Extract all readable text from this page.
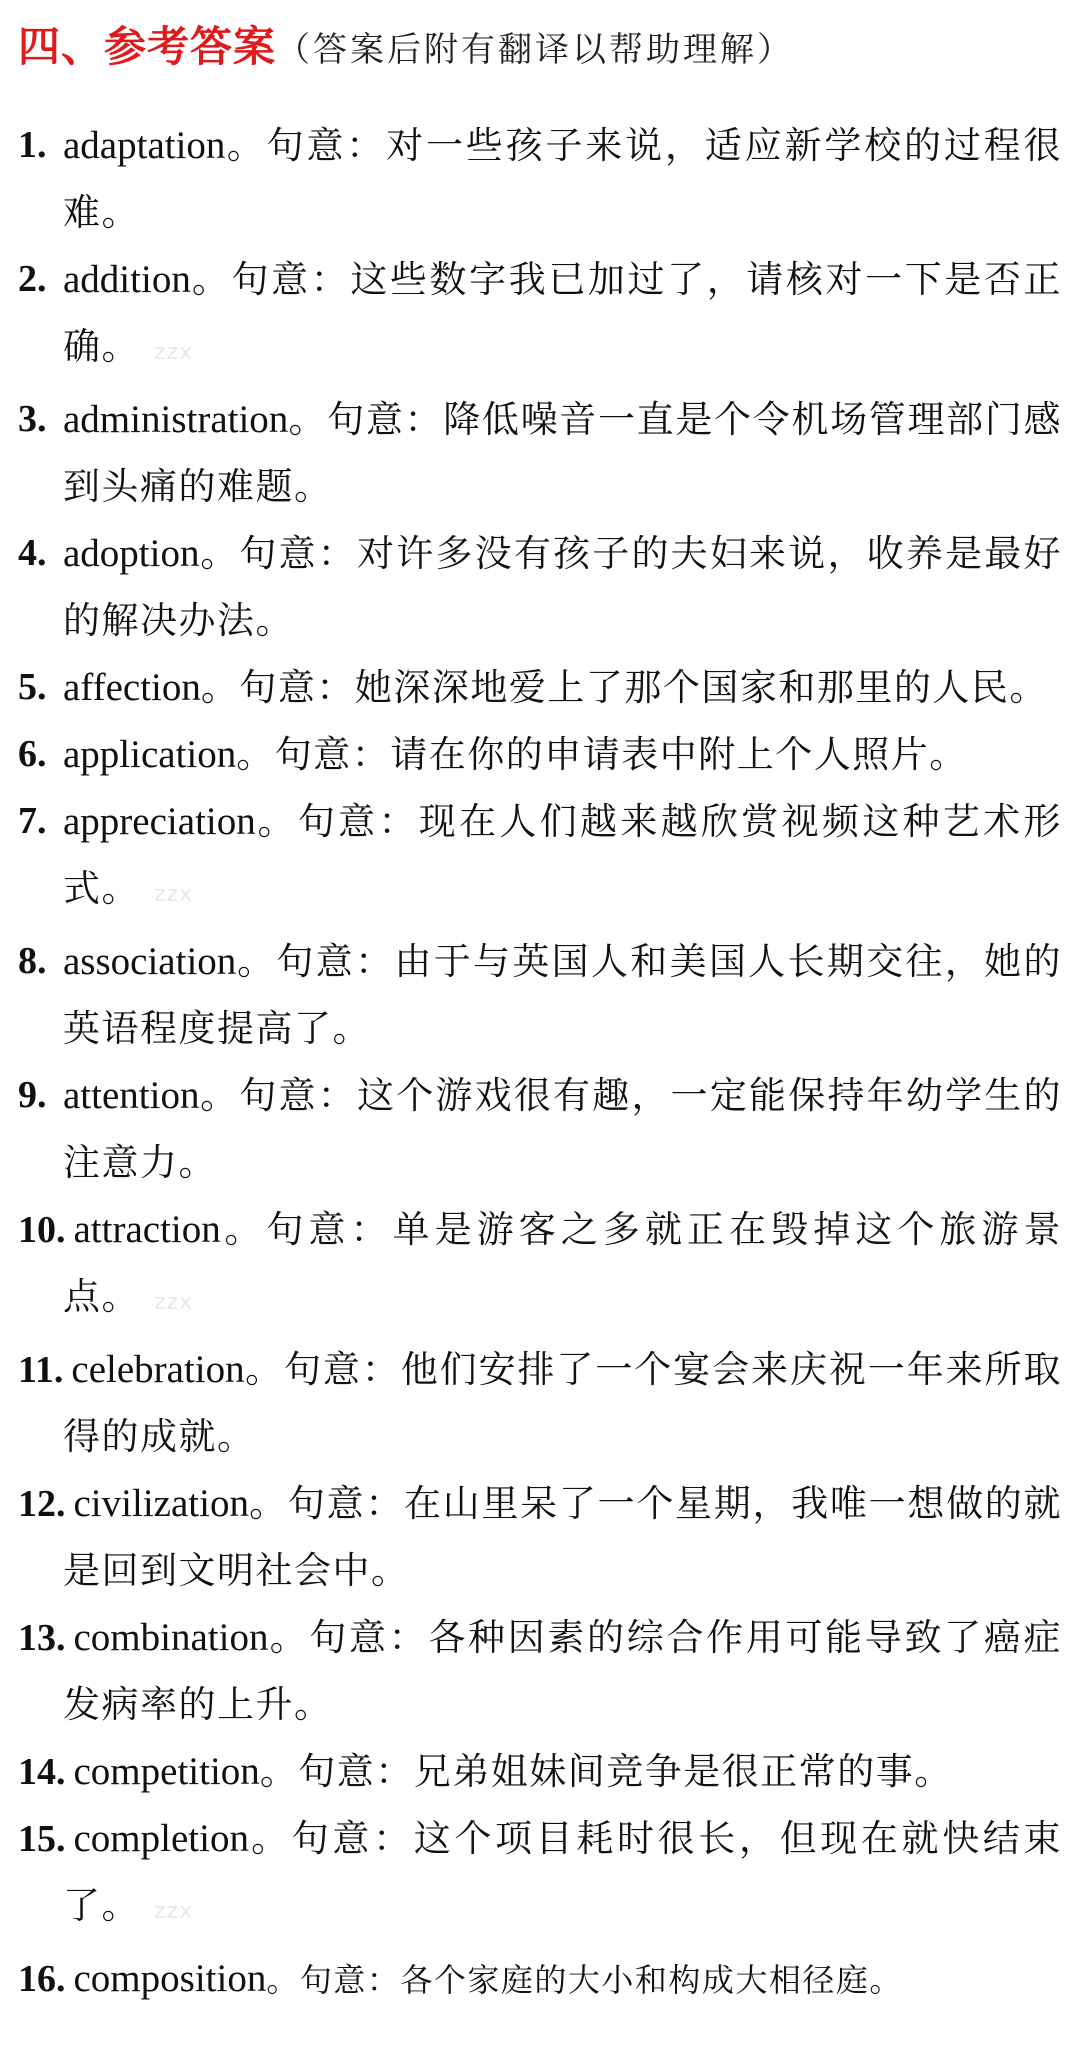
四、参考答案 （答案后附有翻译以帮助理解）
1. adaptation。句意：对一些孩子来说，适应新学校的过程很难。
2. addition。句意：这些数字我已加过了，请核对一下是否正确。 zzx
3. administration。句意：降低噪音一直是个令机场管理部门感到头痛的难题。
4. adoption。句意：对许多没有孩子的夫妇来说，收养是最好的解决办法。
5. affection。句意：她深深地爱上了那个国家和那里的人民。
6. application。句意：请在你的申请表中附上个人照片。
7. appreciation。句意：现在人们越来越欣赏视频这种艺术形式。 zzx
8. association。句意：由于与英国人和美国人长期交往，她的英语程度提高了。
9. attention。句意：这个游戏很有趣，一定能保持年幼学生的注意力。
10. attraction。句意：单是游客之多就正在毁掉这个旅游景点。 zzx
11. celebration。句意：他们安排了一个宴会来庆祝一年来所取得的成就。
12. civilization。句意：在山里呆了一个星期，我唯一想做的就是回到文明社会中。
13. combination。句意：各种因素的综合作用可能导致了癌症发病率的上升。
14. competition。句意：兄弟姐妹间竞争是很正常的事。
15. completion。句意：这个项目耗时很长，但现在就快结束了。 zzx
16. composition。句意：各个家庭的大小和构成大相径庭。
